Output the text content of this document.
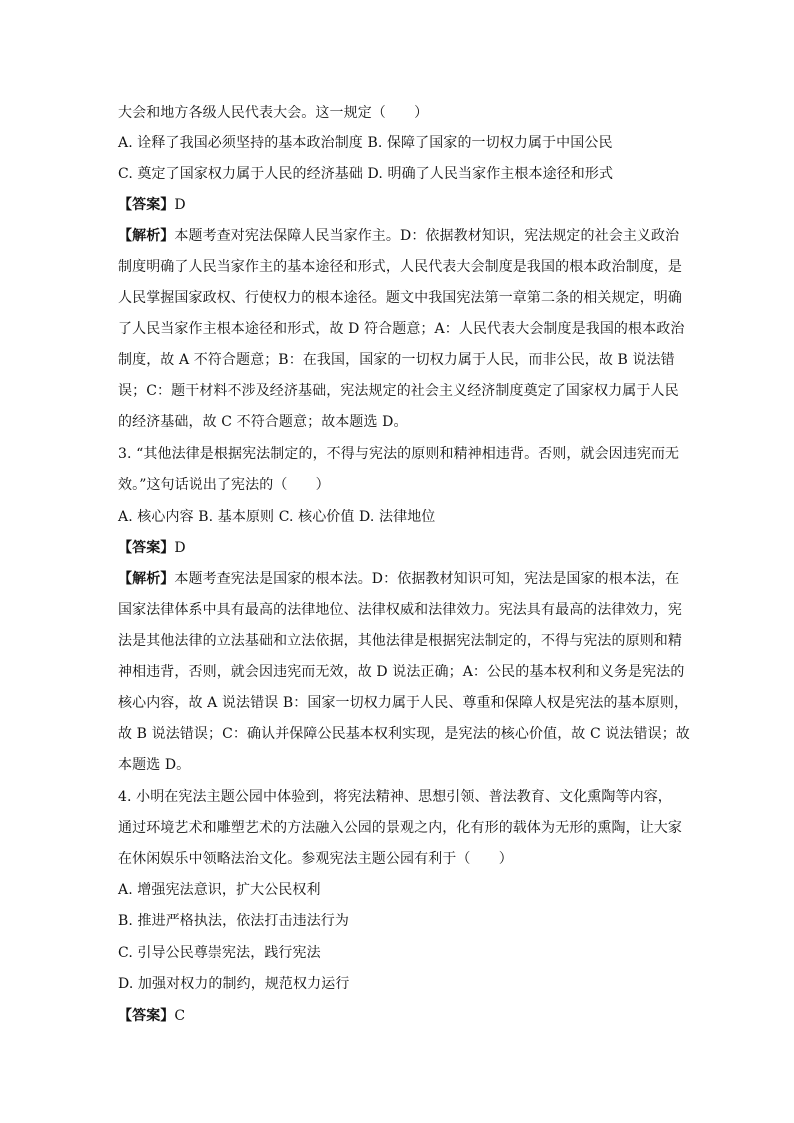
大会和地方各级人民代表大会。这一规定（　　）
A. 诠释了我国必须坚持的基本政治制度 B. 保障了国家的一切权力属于中国公民
C. 奠定了国家权力属于人民的经济基础 D. 明确了人民当家作主根本途径和形式
【答案】D
【解析】本题考查对宪法保障人民当家作主。D：依据教材知识，宪法规定的社会主义政治
制度明确了人民当家作主的基本途径和形式，人民代表大会制度是我国的根本政治制度，是
人民掌握国家政权、行使权力的根本途径。题文中我国宪法第一章第二条的相关规定，明确
了人民当家作主根本途径和形式，故 D 符合题意；A：人民代表大会制度是我国的根本政治
制度，故 A 不符合题意；B：在我国，国家的一切权力属于人民，而非公民，故 B 说法错
误；C：题干材料不涉及经济基础，宪法规定的社会主义经济制度奠定了国家权力属于人民
的经济基础，故 C 不符合题意；故本题选 D。
3. “其他法律是根据宪法制定的，不得与宪法的原则和精神相违背。否则，就会因违宪而无
效。”这句话说出了宪法的（　　）
A. 核心内容 B. 基本原则 C. 核心价值 D. 法律地位
【答案】D
【解析】本题考查宪法是国家的根本法。D：依据教材知识可知，宪法是国家的根本法，在
国家法律体系中具有最高的法律地位、法律权威和法律效力。宪法具有最高的法律效力，宪
法是其他法律的立法基础和立法依据，其他法律是根据宪法制定的，不得与宪法的原则和精
神相违背，否则，就会因违宪而无效，故 D 说法正确；A：公民的基本权利和义务是宪法的
核心内容，故 A 说法错误 B：国家一切权力属于人民、尊重和保障人权是宪法的基本原则，
故 B 说法错误；C：确认并保障公民基本权利实现，是宪法的核心价值，故 C 说法错误；故
本题选 D。
4. 小明在宪法主题公园中体验到，将宪法精神、思想引领、普法教育、文化熏陶等内容，
通过环境艺术和雕塑艺术的方法融入公园的景观之内，化有形的载体为无形的熏陶，让大家
在休闲娱乐中领略法治文化。参观宪法主题公园有利于（　　）
A. 增强宪法意识，扩大公民权利
B. 推进严格执法，依法打击违法行为
C. 引导公民尊崇宪法，践行宪法
D. 加强对权力的制约，规范权力运行
【答案】C
